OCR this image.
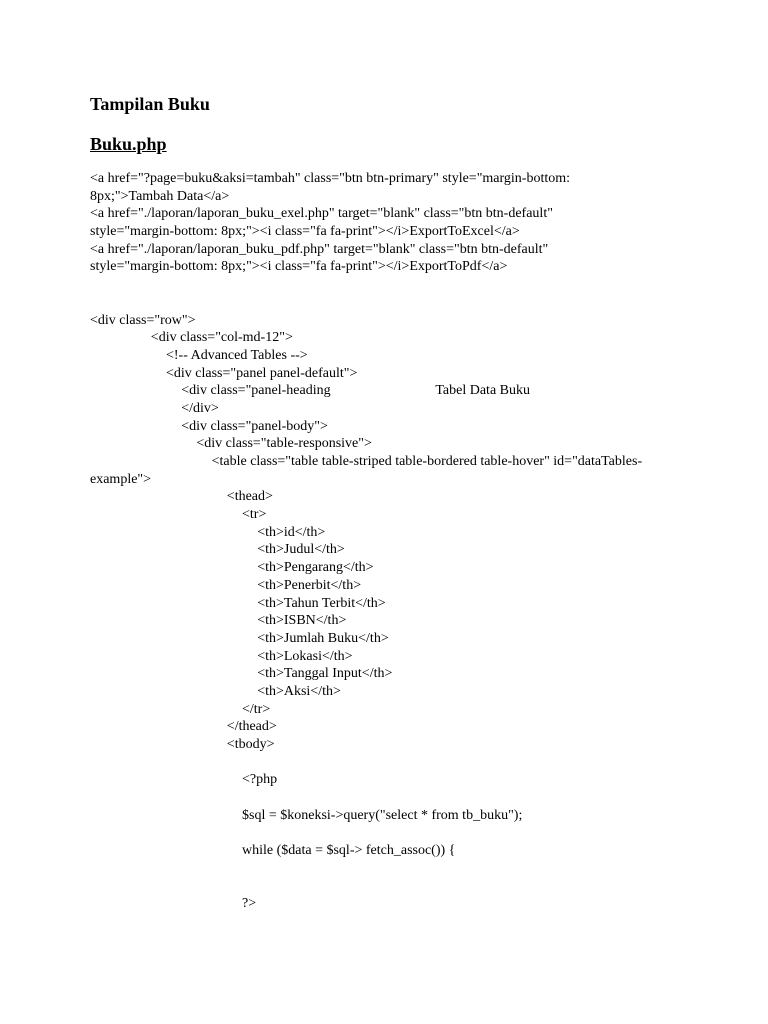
Tampilan Buku
Buku.php
<a href="?page=buku&aksi=tambah" class="btn btn-primary" style="margin-bottom:
8px;">Tambah Data</a>
<a href="./laporan/laporan_buku_exel.php" target="blank" class="btn btn-default"
style="margin-bottom: 8px;"><i class="fa fa-print"></i>ExportToExcel</a>
<a href="./laporan/laporan_buku_pdf.php" target="blank" class="btn btn-default"
style="margin-bottom: 8px;"><i class="fa fa-print"></i>ExportToPdf</a>
<div class="row">
<div class="col-md-12">
<!-- Advanced Tables -->
<div class="panel panel-default">
<div class="panel-heading                              Tabel Data Buku
</div>
<div class="panel-body">
<div class="table-responsive">
<table class="table table-striped table-bordered table-hover" id="dataTables-
example">
<thead>
<tr>
<th>id</th>
<th>Judul</th>
<th>Pengarang</th>
<th>Penerbit</th>
<th>Tahun Terbit</th>
<th>ISBN</th>
<th>Jumlah Buku</th>
<th>Lokasi</th>
<th>Tanggal Input</th>
<th>Aksi</th>
</tr>
</thead>
<tbody>
<?php
$sql = $koneksi->query("select * from tb_buku");
while ($data = $sql-> fetch_assoc()) {
?>
